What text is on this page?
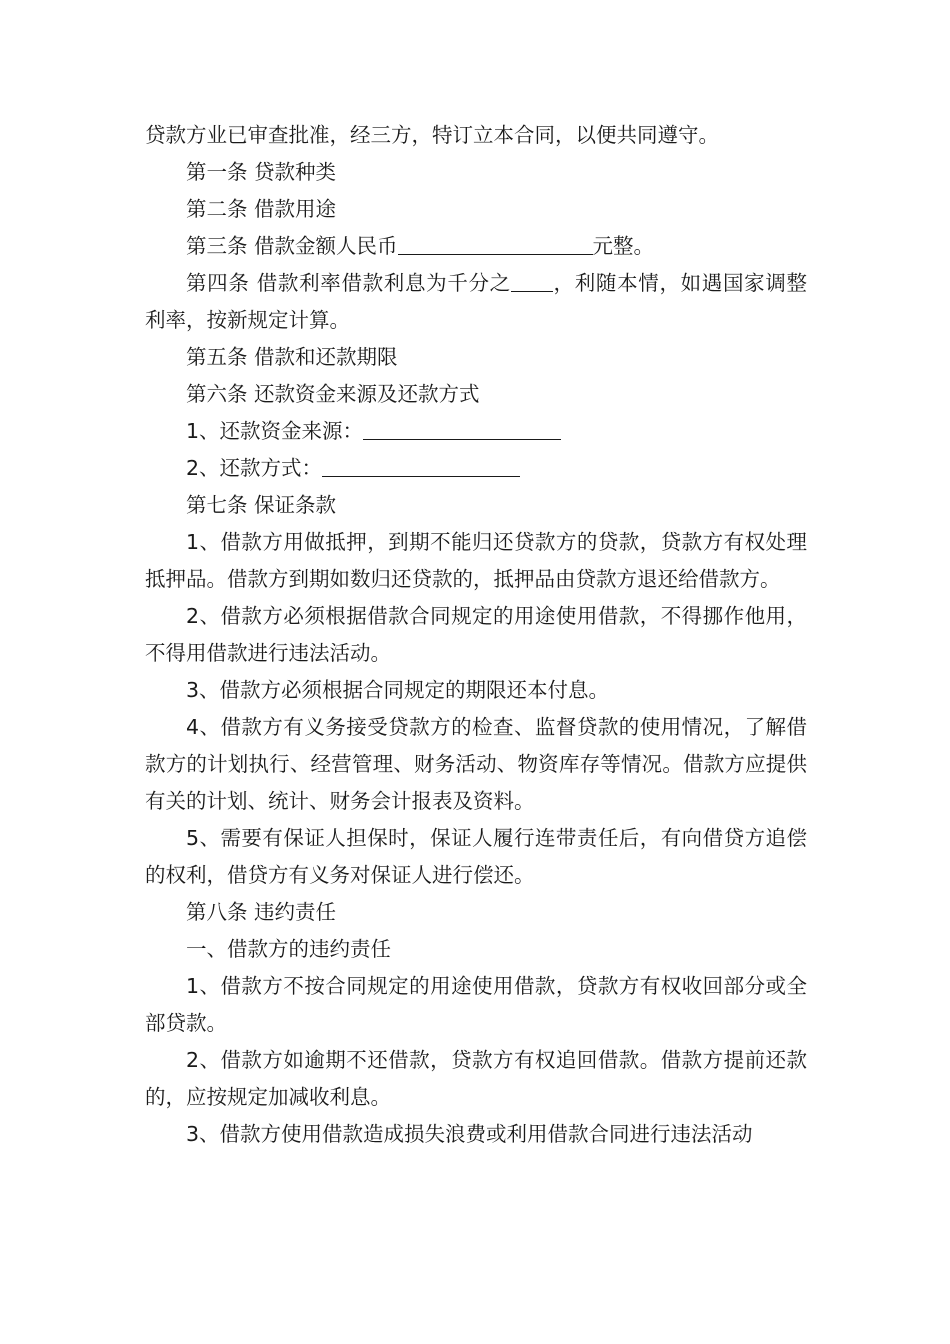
贷款方业已审查批准，经三方，特订立本合同，以便共同遵守。

第一条 贷款种类

第二条 借款用途

第三条 借款金额人民币	元整。

第四条 借款利率借款利息为千分之 ，利随本情，如遇国家调整利率，按新规定计算。

第五条 借款和还款期限

第六条 还款资金来源及还款方式

1、还款资金来源：

2、还款方式：

第七条 保证条款

1、借款方用做抵押，到期不能归还贷款方的贷款，贷款方有权处理抵押品。借款方到期如数归还贷款的，抵押品由贷款方退还给借款方。

2、借款方必须根据借款合同规定的用途使用借款，不得挪作他用，不得用借款进行违法活动。

3、借款方必须根据合同规定的期限还本付息。

4、借款方有义务接受贷款方的检查、监督贷款的使用情况，了解借款方的计划执行、经营管理、财务活动、物资库存等情况。借款方应提供有关的计划、统计、财务会计报表及资料。

5、需要有保证人担保时，保证人履行连带责任后，有向借贷方追偿的权利，借贷方有义务对保证人进行偿还。

第八条 违约责任

一、借款方的违约责任

1、借款方不按合同规定的用途使用借款，贷款方有权收回部分或全部贷款。

2、借款方如逾期不还借款，贷款方有权追回借款。借款方提前还款的，应按规定加减收利息。

3、借款方使用借款造成损失浪费或利用借款合同进行违法活动
